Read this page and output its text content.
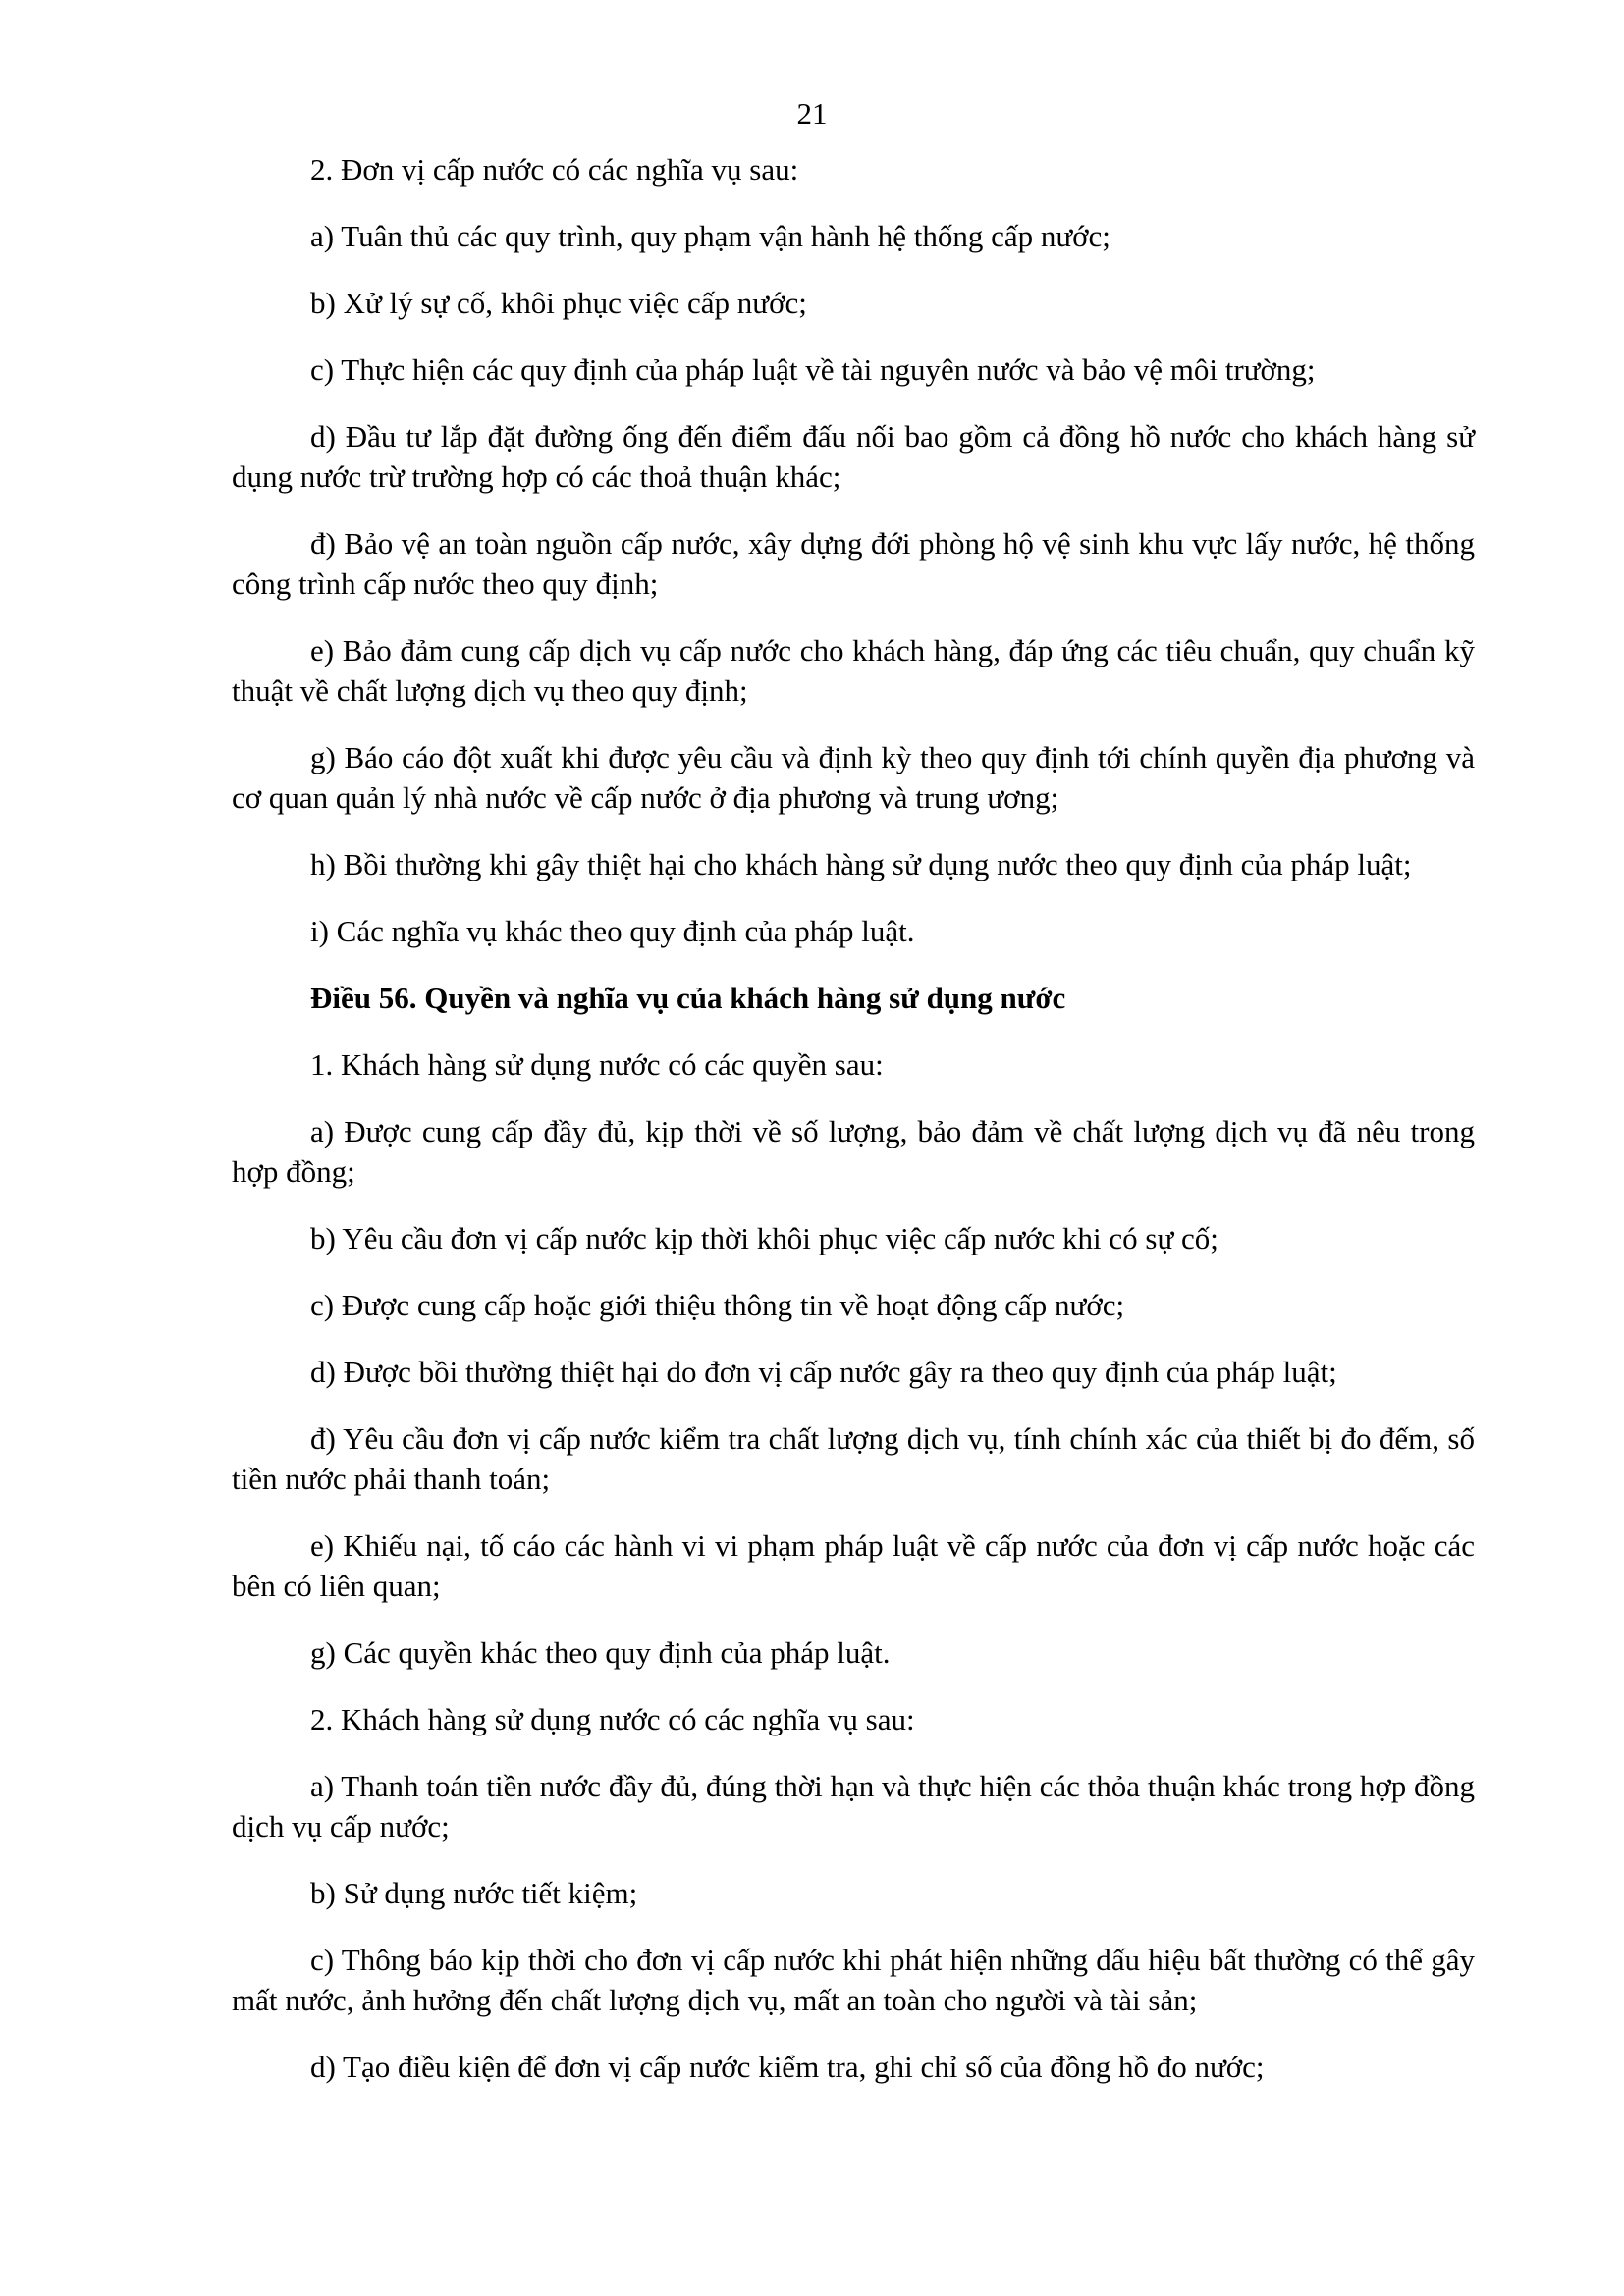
21

2. Đơn vị cấp nước có các nghĩa vụ sau:

a) Tuân thủ các quy trình, quy phạm vận hành hệ thống cấp nước;

b) Xử lý sự cố, khôi phục việc cấp nước;

c) Thực hiện các quy định của pháp luật về tài nguyên nước và bảo vệ môi trường;

d) Đầu tư lắp đặt đường ống đến điểm đấu nối bao gồm cả đồng hồ nước cho khách hàng sử dụng nước trừ trường hợp có các thoả thuận khác;

đ) Bảo vệ an toàn nguồn cấp nước, xây dựng đới phòng hộ vệ sinh khu vực lấy nước, hệ thống công trình cấp nước theo quy định;

e) Bảo đảm cung cấp dịch vụ cấp nước cho khách hàng, đáp ứng các tiêu chuẩn, quy chuẩn kỹ thuật về chất lượng dịch vụ theo quy định;

g) Báo cáo đột xuất khi được yêu cầu và định kỳ theo quy định tới chính quyền địa phương và cơ quan quản lý nhà nước về cấp nước ở địa phương và trung ương;

h) Bồi thường khi gây thiệt hại cho khách hàng sử dụng nước theo quy định của pháp luật;

i) Các nghĩa vụ khác theo quy định của pháp luật.

Điều 56. Quyền và nghĩa vụ của khách hàng sử dụng nước

1. Khách hàng sử dụng nước có các quyền sau:

a) Được cung cấp đầy đủ, kịp thời về số lượng, bảo đảm về chất lượng dịch vụ đã nêu trong hợp đồng;

b) Yêu cầu đơn vị cấp nước kịp thời khôi phục việc cấp nước khi có sự cố;

c) Được cung cấp hoặc giới thiệu thông tin về hoạt động cấp nước;

d) Được bồi thường thiệt hại do đơn vị cấp nước gây ra theo quy định của pháp luật;

đ) Yêu cầu đơn vị cấp nước kiểm tra chất lượng dịch vụ, tính chính xác của thiết bị đo đếm, số tiền nước phải thanh toán;

e) Khiếu nại, tố cáo các hành vi vi phạm pháp luật về cấp nước của đơn vị cấp nước hoặc các bên có liên quan;

g) Các quyền khác theo quy định của pháp luật.

2. Khách hàng sử dụng nước có các nghĩa vụ sau:

a) Thanh toán tiền nước đầy đủ, đúng thời hạn và thực hiện các thỏa thuận khác trong hợp đồng dịch vụ cấp nước;

b) Sử dụng nước tiết kiệm;

c) Thông báo kịp thời cho đơn vị cấp nước khi phát hiện những dấu hiệu bất thường có thể gây mất nước, ảnh hưởng đến chất lượng dịch vụ, mất an toàn cho người và tài sản;

d) Tạo điều kiện để đơn vị cấp nước kiểm tra, ghi chỉ số của đồng hồ đo nước;
